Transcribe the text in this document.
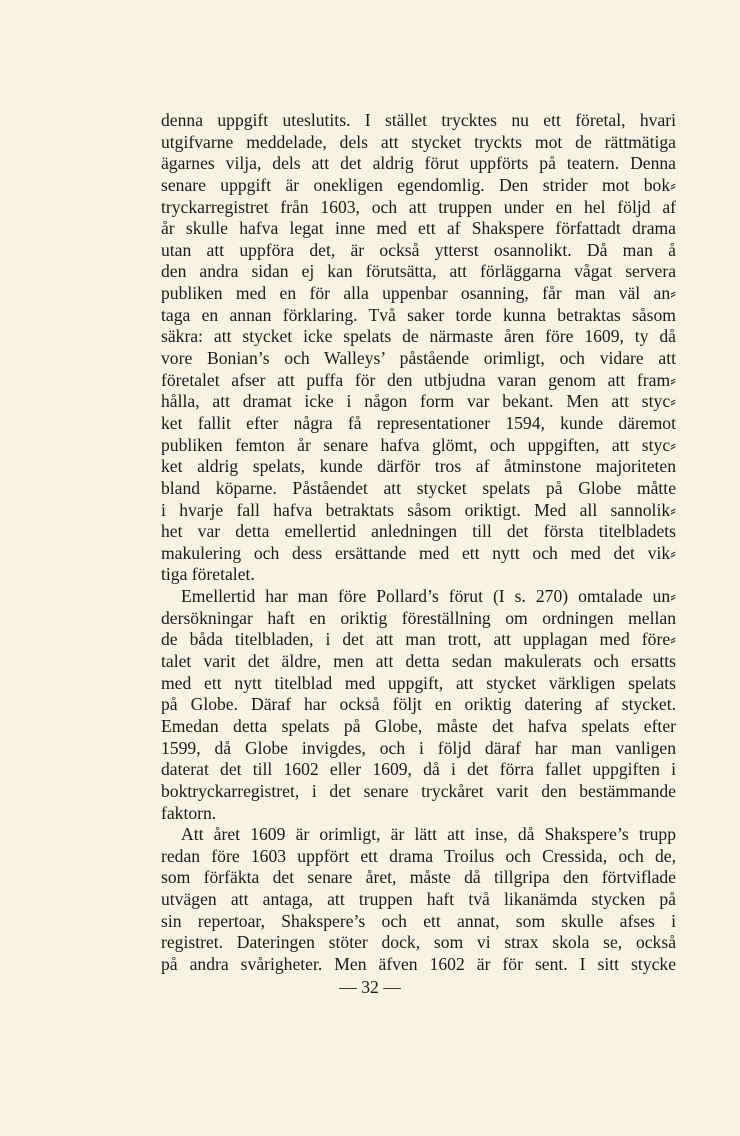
denna uppgift uteslutits. I stället trycktes nu ett företal, hvari
utgifvarne meddelade, dels att stycket tryckts mot de rättmätiga
ägarnes vilja, dels att det aldrig förut uppförts på teatern. Denna
senare uppgift är onekligen egendomlig. Den strider mot bok⸗
tryckarregistret från 1603, och att truppen under en hel följd af
år skulle hafva legat inne med ett af Shakspere författadt drama
utan att uppföra det, är också ytterst osannolikt. Då man å
den andra sidan ej kan förutsätta, att förläggarna vågat servera
publiken med en för alla uppenbar osanning, får man väl an⸗
taga en annan förklaring. Två saker torde kunna betraktas såsom
säkra: att stycket icke spelats de närmaste åren före 1609, ty då
vore Bonian’s och Walleys’ påstående orimligt, och vidare att
företalet afser att puffa för den utbjudna varan genom att fram⸗
hålla, att dramat icke i någon form var bekant. Men att styc⸗
ket fallit efter några få representationer 1594, kunde däremot
publiken femton år senare hafva glömt, och uppgiften, att styc⸗
ket aldrig spelats, kunde därför tros af åtminstone majoriteten
bland köparne. Påståendet att stycket spelats på Globe måtte
i hvarje fall hafva betraktats såsom oriktigt. Med all sannolik⸗
het var detta emellertid anledningen till det första titelbladets
makulering och dess ersättande med ett nytt och med det vik⸗
tiga företalet.
Emellertid har man före Pollard’s förut (I s. 270) omtalade un⸗
dersökningar haft en oriktig föreställning om ordningen mellan
de båda titelbladen, i det att man trott, att upplagan med före⸗
talet varit det äldre, men att detta sedan makulerats och ersatts
med ett nytt titelblad med uppgift, att stycket värkligen spelats
på Globe. Däraf har också följt en oriktig datering af stycket.
Emedan detta spelats på Globe, måste det hafva spelats efter
1599, då Globe invigdes, och i följd däraf har man vanligen
daterat det till 1602 eller 1609, då i det förra fallet uppgiften i
boktryckarregistret, i det senare tryckåret varit den bestämmande
faktorn.
Att året 1609 är orimligt, är lätt att inse, då Shakspere’s trupp
redan före 1603 uppfört ett drama Troilus och Cressida, och de,
som förfäkta det senare året, måste då tillgripa den förtviflade
utvägen att antaga, att truppen haft två likanämda stycken på
sin repertoar, Shakspere’s och ett annat, som skulle afses i
registret. Dateringen stöter dock, som vi strax skola se, också
på andra svårigheter. Men äfven 1602 är för sent. I sitt stycke
— 32 —
